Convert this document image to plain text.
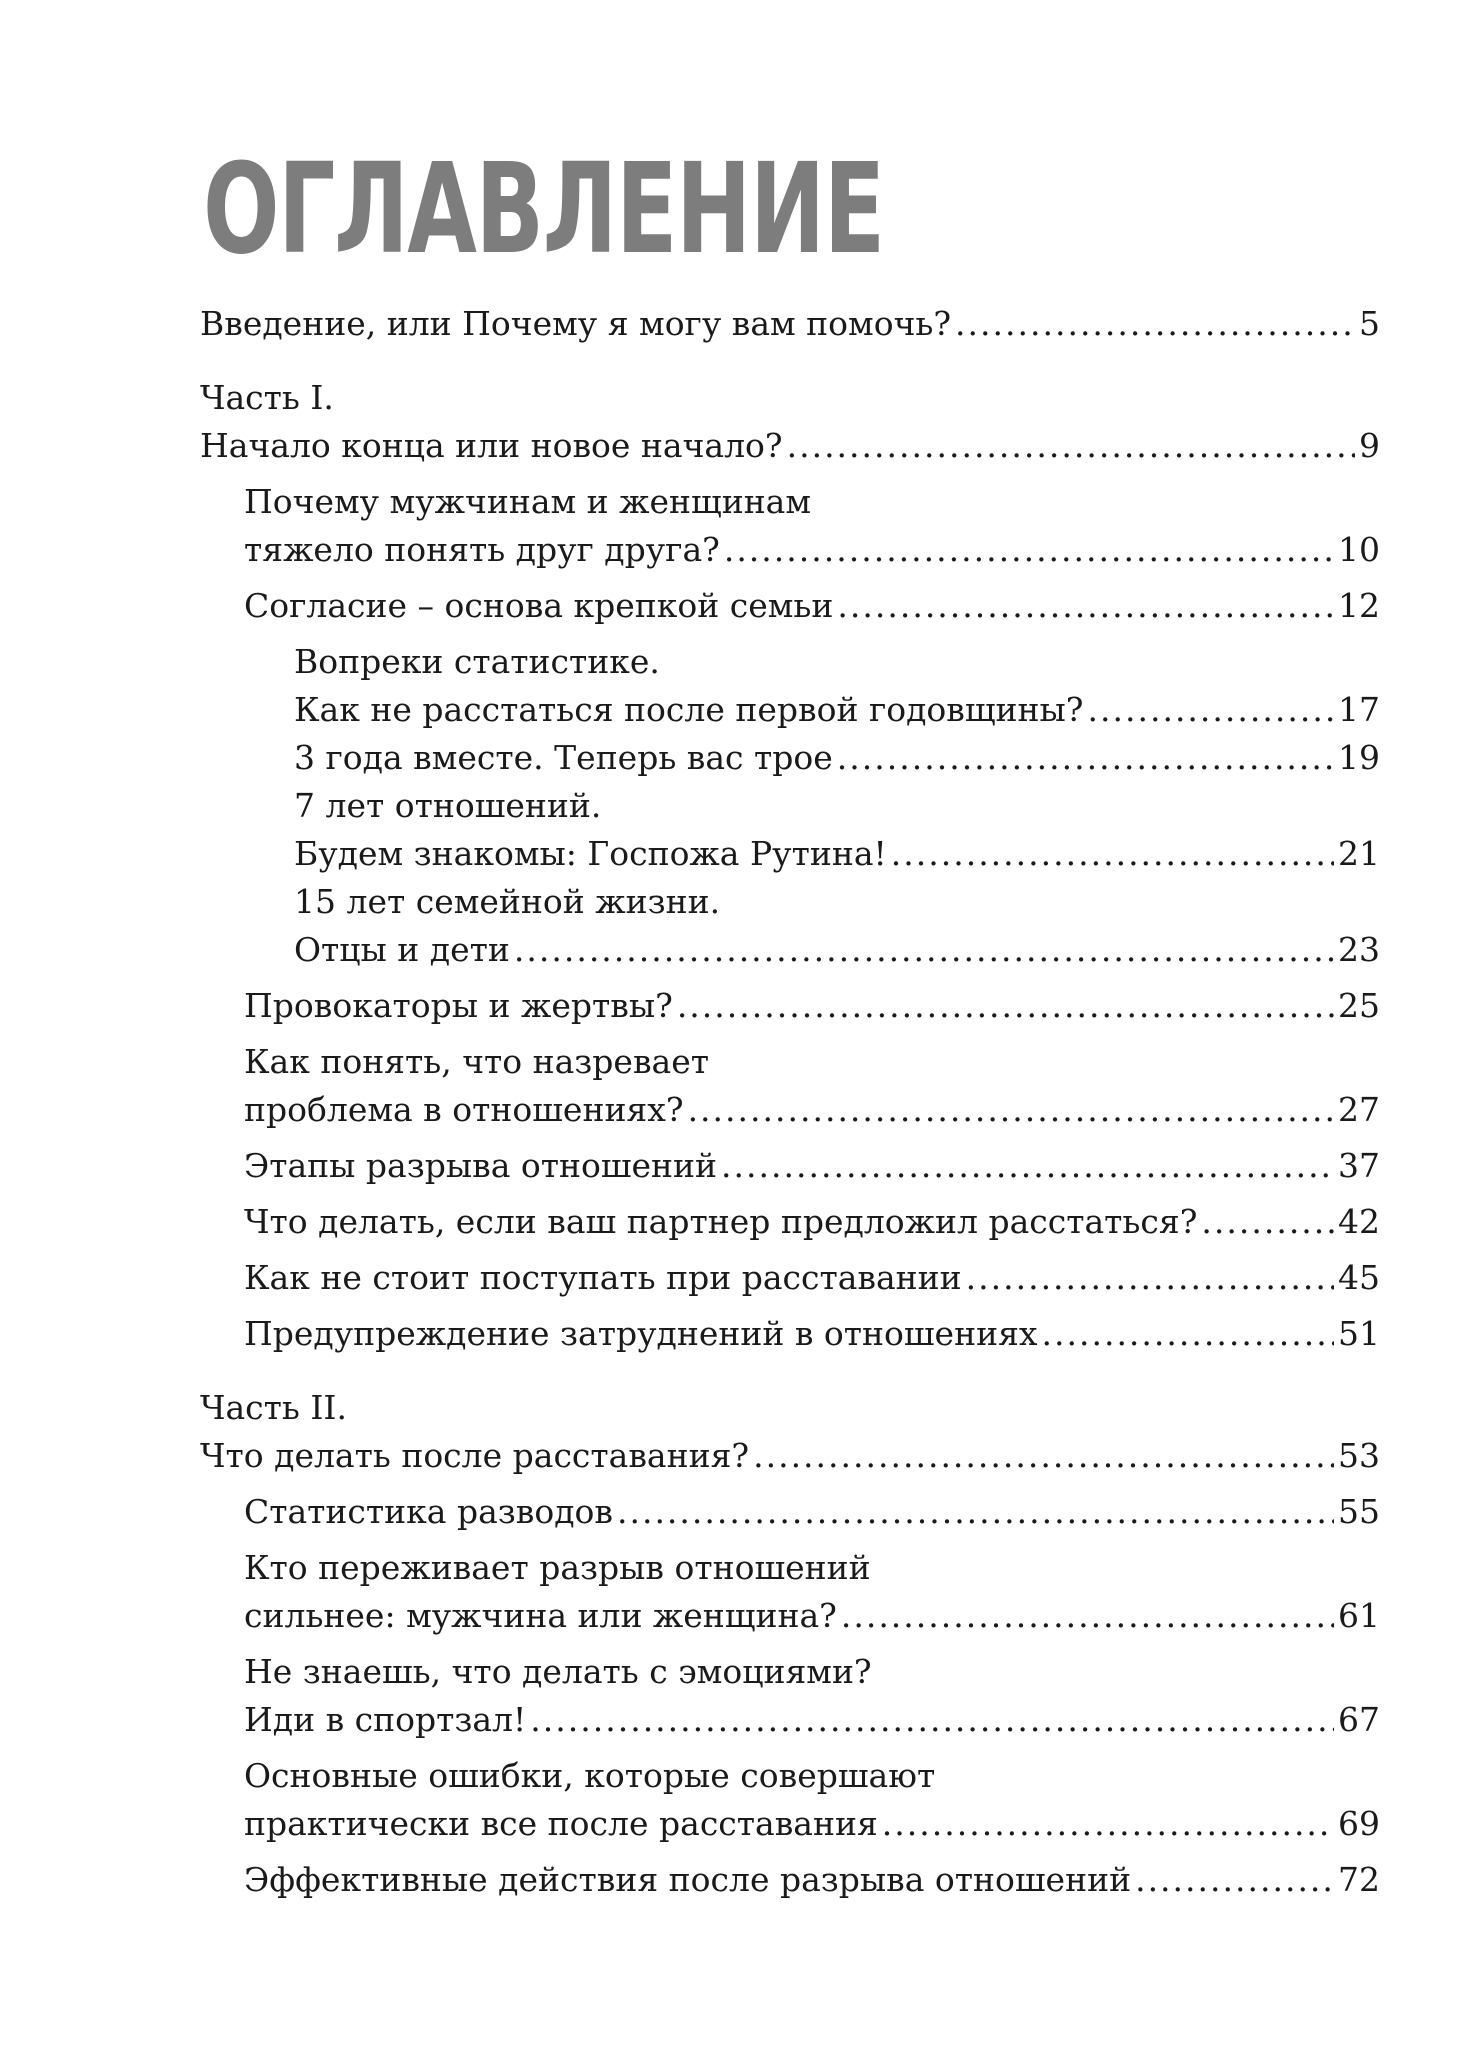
ОГЛАВЛЕНИЕ
Введение, или Почему я могу вам помочь? .....	5
Часть I.
Начало конца или новое начало? .....	9
Почему мужчинам и женщинам
тяжело понять друг друга? .....	10
Согласие – основа крепкой семьи .....	12
Вопреки статистике.
Как не расстаться после первой годовщины? .....	17
3 года вместе. Теперь вас трое .....	19
7 лет отношений.
Будем знакомы: Госпожа Рутина! .....	21
15 лет семейной жизни.
Отцы и дети .....	23
Провокаторы и жертвы? .....	25
Как понять, что назревает
проблема в отношениях? .....	27
Этапы разрыва отношений .....	37
Что делать, если ваш партнер предложил расстаться? .....	42
Как не стоит поступать при расставании .....	45
Предупреждение затруднений в отношениях .....	51
Часть II.
Что делать после расставания? .....	53
Статистика разводов .....	55
Кто переживает разрыв отношений
сильнее: мужчина или женщина? .....	61
Не знаешь, что делать с эмоциями?
Иди в спортзал! .....	67
Основные ошибки, которые совершают
практически все после расставания .....	69
Эффективные действия после разрыва отношений .....	72
